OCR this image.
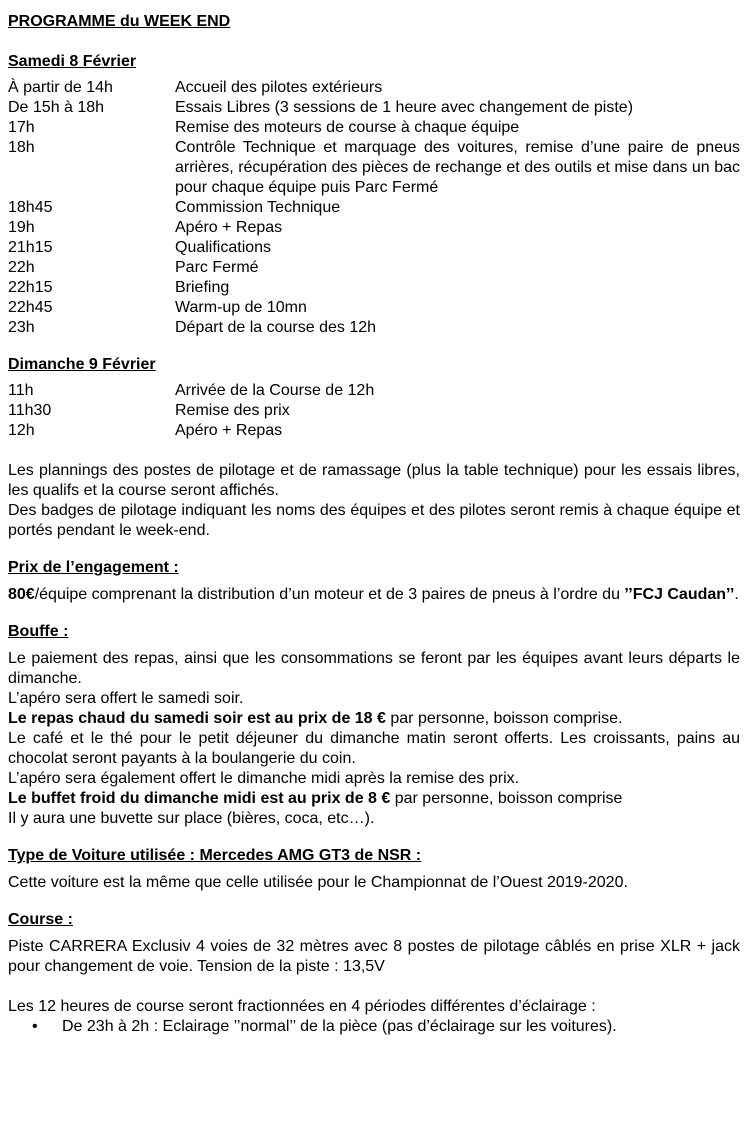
PROGRAMME du WEEK END
Samedi 8 Février
À partir de 14h	Accueil des pilotes extérieurs
De 15h à 18h	Essais Libres (3 sessions de 1 heure avec changement de piste)
17h	Remise des moteurs de course à chaque équipe
18h	Contrôle Technique et marquage des voitures, remise d’une paire de pneus arrières, récupération des pièces de rechange et des outils et mise dans un bac pour chaque équipe puis Parc Fermé
18h45	Commission Technique
19h	Apéro + Repas
21h15	Qualifications
22h	Parc Fermé
22h15	Briefing
22h45	Warm-up de 10mn
23h	Départ de la course des 12h
Dimanche 9 Février
11h	Arrivée de la Course de 12h
11h30	Remise des prix
12h	Apéro + Repas

Les plannings des postes de pilotage et de ramassage (plus la table technique) pour les essais libres, les qualifs et la course seront affichés.

Des badges de pilotage indiquant les noms des équipes et des pilotes seront remis à chaque équipe et portés pendant le week-end.

Prix de l’engagement :

80€/équipe comprenant la distribution d’un moteur et de 3 paires de pneus à l’ordre du ’’FCJ Caudan’’.

Bouffe :

Le paiement des repas, ainsi que les consommations se feront par les équipes avant leurs départs le dimanche.

L’apéro sera offert le samedi soir.

Le repas chaud du samedi soir est au prix de 18 € par personne, boisson comprise.

Le café et le thé pour le petit déjeuner du dimanche matin seront offerts. Les croissants, pains au chocolat seront payants à la boulangerie du coin.

L’apéro sera également offert le dimanche midi après la remise des prix.

Le buffet froid du dimanche midi est au prix de 8 € par personne, boisson comprise

Il y aura une buvette sur place (bières, coca, etc…).

Type de Voiture utilisée : Mercedes AMG GT3 de NSR :

Cette voiture est la même que celle utilisée pour le Championnat de l’Ouest 2019-2020.

Course :

Piste CARRERA Exclusiv 4 voies de 32 mètres avec 8 postes de pilotage câblés en prise XLR + jack pour changement de voie. Tension de la piste : 13,5V

Les 12 heures de course seront fractionnées en 4 périodes différentes d’éclairage :

•	De 23h à 2h : Eclairage ’’normal’’ de la pièce (pas d’éclairage sur les voitures).
